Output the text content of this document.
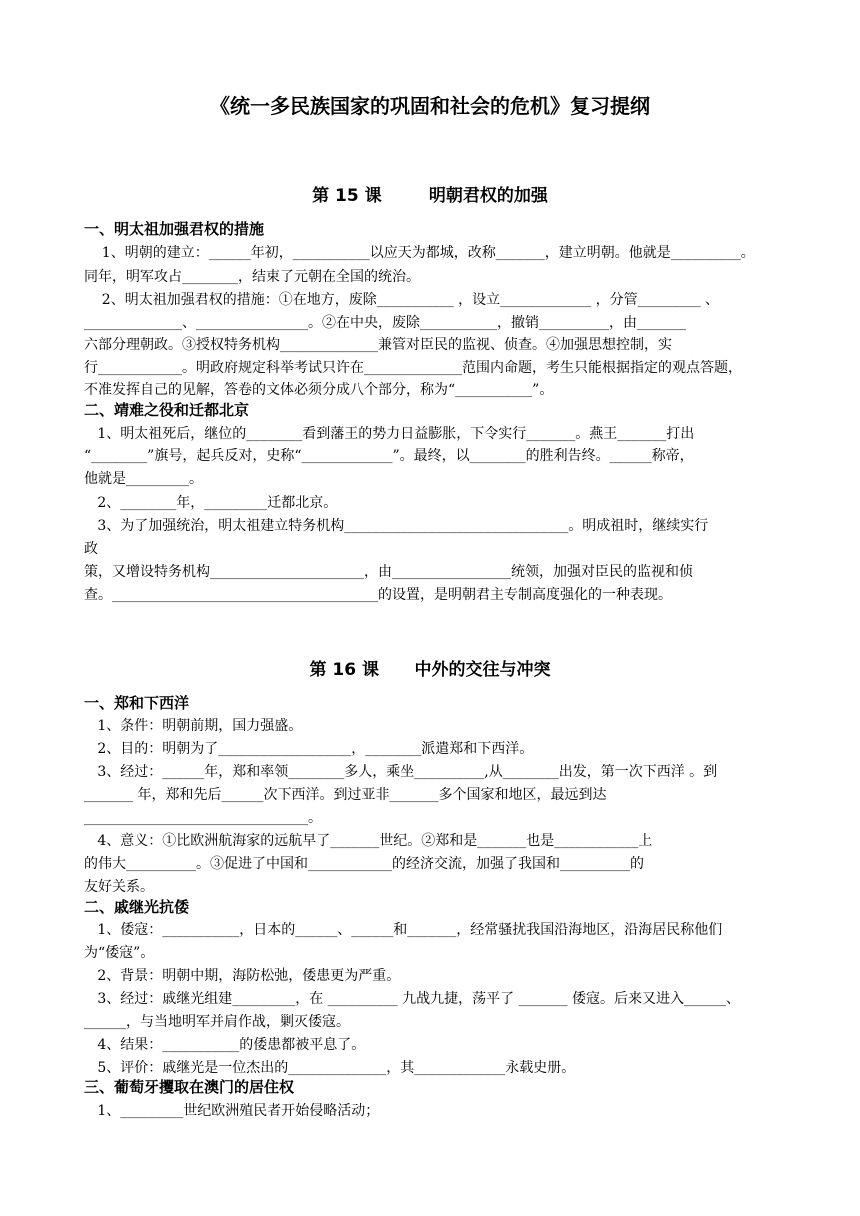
《统一多民族国家的巩固和社会的危机》复习提纲
第 15 课        明朝君权的加强
一、明太祖加强君权的措施
1、明朝的建立：______年初，___________以应天为都城，改称_______，建立明朝。他就是__________。
同年，明军攻占________，结束了元朝在全国的统治。
2、明太祖加强君权的措施：①在地方，废除___________ ，设立_____________ ，分管_________ 、
______________、________________。②在中央，废除___________，撤销__________，由_______
六部分理朝政。③授权特务机构______________兼管对臣民的监视、侦查。④加强思想控制，实
行____________。明政府规定科举考试只许在______________范围内命题，考生只能根据指定的观点答题，
不准发挥自己的见解，答卷的文体必须分成八个部分，称为“___________”。
二、靖难之役和迁都北京
1、明太祖死后，继位的________看到藩王的势力日益膨胀，下令实行_______。燕王_______打出
“________”旗号，起兵反对，史称“_____________”。最终，以________的胜利告终。______称帝，
他就是_________。
2、________年，_________迁都北京。
3、为了加强统治，明太祖建立特务机构________________________________。明成祖时，继续实行
政
策，又增设特务机构______________________，由_________________统领，加强对臣民的监视和侦
查。______________________________________的设置，是明朝君主专制高度强化的一种表现。
第 16 课      中外的交往与冲突
一、郑和下西洋
1、条件：明朝前期，国力强盛。
2、目的：明朝为了___________________，________派遣郑和下西洋。
3、经过：______年，郑和率领________多人，乘坐__________,从________出发，第一次下西洋 。到
_______ 年，郑和先后______次下西洋。到过亚非_______多个国家和地区，最远到达
________________________________。
4、意义：①比欧洲航海家的远航早了_______世纪。②郑和是_______也是____________上
的伟大__________。③促进了中国和____________的经济交流，加强了我国和__________的
友好关系。
二、戚继光抗倭
1、倭寇：___________，日本的______、______和_______，经常骚扰我国沿海地区，沿海居民称他们
为“倭寇”。
2、背景：明朝中期，海防松弛，倭患更为严重。
3、经过：戚继光组建_________，在 __________ 九战九捷，荡平了 _______ 倭寇。后来又进入______、
______，与当地明军并肩作战，剿灭倭寇。
4、结果：___________的倭患都被平息了。
5、评价：戚继光是一位杰出的______________，其_____________永载史册。
三、葡萄牙攫取在澳门的居住权
1、_________世纪欧洲殖民者开始侵略活动；
